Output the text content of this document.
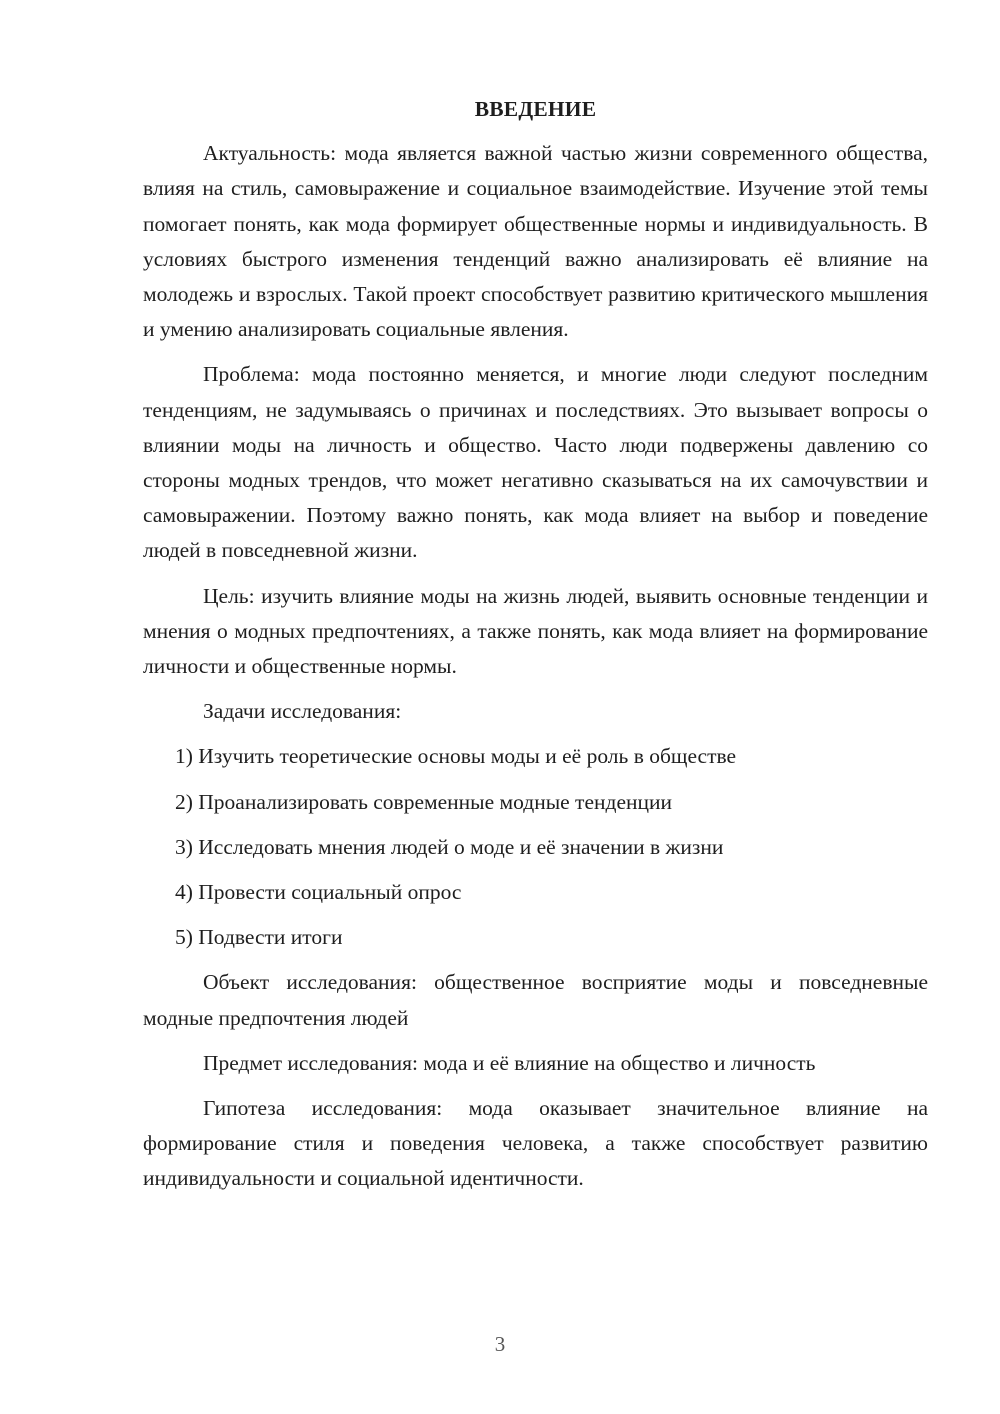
ВВЕДЕНИЕ

Актуальность: мода является важной частью жизни современного общества, влияя на стиль, самовыражение и социальное взаимодействие. Изучение этой темы помогает понять, как мода формирует общественные нормы и индивидуальность. В условиях быстрого изменения тенденций важно анализировать её влияние на молодежь и взрослых. Такой проект способствует развитию критического мышления и умению анализировать социальные явления.

Проблема: мода постоянно меняется, и многие люди следуют последним тенденциям, не задумываясь о причинах и последствиях. Это вызывает вопросы о влиянии моды на личность и общество. Часто люди подвержены давлению со стороны модных трендов, что может негативно сказываться на их самочувствии и самовыражении. Поэтому важно понять, как мода влияет на выбор и поведение людей в повседневной жизни.

Цель: изучить влияние моды на жизнь людей, выявить основные тенденции и мнения о модных предпочтениях, а также понять, как мода влияет на формирование личности и общественные нормы.

Задачи исследования:

1) Изучить теоретические основы моды и её роль в обществе
2) Проанализировать современные модные тенденции
3) Исследовать мнения людей о моде и её значении в жизни
4) Провести социальный опрос
5) Подвести итоги

Объект исследования: общественное восприятие моды и повседневные модные предпочтения людей

Предмет исследования: мода и её влияние на общество и личность

Гипотеза исследования: мода оказывает значительное влияние на формирование стиля и поведения человека, а также способствует развитию индивидуальности и социальной идентичности.

3
